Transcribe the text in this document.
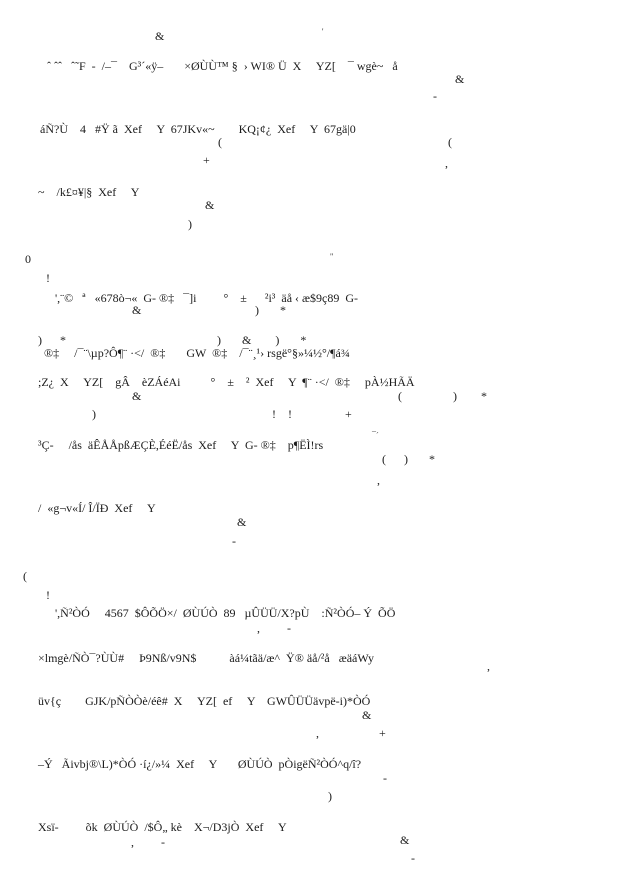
&	'
ˆ ˆˆ   ˆ˜F  -  /–¯    G³´«ÿ–       ×ØÙÙ™ §  › WI® Ü  X     YZ[    ¯ wgè~   å
&
-
áÑ?Ù    4   #Ÿ ã  Xef     Y  67JKv«~        KQ¡¢¿  Xef     Y  67gä|0
(	(
+	,
~    /k£¤¥|§  Xef     Y
&
)
0	"
!
',¨©   ª   «678ò¬«  G- ®‡   ¯]i         °    ±      ²i³  äå ‹ æ$9ç89  G-
&	) *
)      *	)       &        )       *
®‡     /¯¨\µp?Ô¶¨ ·</  ®‡       GW  ®‡    /¯¨¸¹› rsgë°§»¼½°/¶á¾
;Z¿  X     YZ[    gÂ    èZÁéAi          °    ±    ²  Xef     Y  ¶¨ ·</  ®‡     pÀ½HÃÄ
&	(                 )        *
)	!    !	+
³Ç-     /ås  äÊÅÅpßÆÇÈ,ÉéË/ås  Xef     Y  G- ®‡    p¶ËÌ!rs
¯´
(      )       *
,
/  «g¬v«Í/ Î/ÏÐ  Xef     Y
&
-
(
!
',Ñ²ÒÓ     4567  $ÔÕÖ×/  ØÙÚÒ  89   µÛÜÜ/X?pÙ    :Ñ²ÒÓ– Ý  ÕÖ
,         -
×lmgè/ÑÒ¯?ÙÙ#     Þ9Nß/v9N$           àá¼tãä/æ^  Ÿ® äå/²å   æäáWy
,
üv{ç        GJK/pÑÒÒè/éê#  X     YZ[  ef     Y    GWÛÜÜävpë-i)*ÒÓ
&
,                    +
–Ý   Ãivbj®\L)*ÒÓ ·í¿/»¼  Xef     Y       ØÙÚÒ  pÒigëÑ²ÒÓ^q/î?
-
)
Xsï-         õk  ØÙÚÒ  /$Ô„ kè    X¬/D3jÒ  Xef     Y
,         -	&
-
